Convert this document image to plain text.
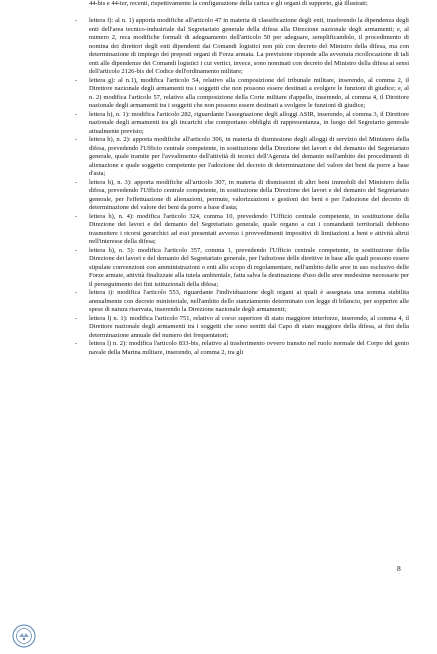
44-bis e 44-ter, recenti, rispettivamente la configurazione della carica e gli organi di supporto, già illustrati;
- lettera f): al n. 1) apporta modifiche all'articolo 47 in materia di classificazione degli enti, trasferendo la dipendenza degli enti dell'area tecnico-industriale dal Segretariato generale della difesa alla Direzione nazionale degli armamenti; e, al numero 2, reca modifiche formali di adeguamento dell'articolo 50 per adeguare, semplificandolo, il procedimento di nomina dei direttori degli enti dipendenti dai Comandi logistici non più con decreto del Ministro della difesa, ma con determinazione di impiego dei preposti organi di Forza armata. La previsione risponde alla avvenuta ricollocazione di tali enti alle dipendenze dei Comandi logistici i cui vertici, invece, sono nominati con decreto del Ministro della difesa ai sensi dell'articolo 2126-bis del Codice dell'ordinamento militare;
- lettera g): al n.1), modifica l'articolo 54, relativo alla composizione del tribunale militare, inserendo, al comma 2, il Direttore nazionale degli armamenti tra i soggetti che non possono essere destinati a svolgere le funzioni di giudice; e, al n. 2) modifica l'articolo 57, relativo alla composizione della Corte militare d'appello, inserendo, al comma 4, il Direttore nazionale degli armamenti tra i soggetti che non possono essere destinati a svolgere le funzioni di giudice;
- lettera h), n. 1): modifica l'articolo 282, riguardante l'assegnazione degli alloggi ASIR, inserendo, al comma 3, il Direttore nazionale degli armamenti tra gli incarichi che comportano obblighi di rappresentanza, in luogo del Segretario generale attualmente previsto;
- lettera h), n. 2): apporta modifiche all'articolo 306, in materia di dismissione degli alloggi di servizio del Ministero della difesa, prevedendo l'Ufficio centrale competente, in sostituzione della Direzione dei lavori e del demanio del Segretariato generale, quale tramite per l'avvalimento dell'attività di tecnici dell'Agenzia del demanio nell'ambito dei procedimenti di alienazione e quale soggetto competente per l'adozione del decreto di determinazione del valore dei beni da porre a base d'asta;
- lettera h), n. 3): apporta modifiche all'articolo 307, in materia di dismissioni di altri beni immobili del Ministero della difesa, prevedendo l'Ufficio centrale competente, in sostituzione della Direzione dei lavori e del demanio del Segretariato generale, per l'effettuazione di alienazioni, permute, valorizzazioni e gestioni dei beni e per l'adozione del decreto di determinazione del valore dei beni da porre a base d'asta;
- lettera h), n. 4): modifica l'articolo 324, comma 10, prevedendo l'Ufficio centrale competente, in sostituzione della Direzione dei lavori e del demanio del Segretariato generale, quale organo a cui i comandanti territoriali debbono trasmettere i ricorsi gerarchici ad essi presentati avverso i provvedimenti impositivi di limitazioni a beni e attività altrui nell'interesse della difesa;
- lettera h), n. 5): modifica l'articolo 357, comma 1, prevedendo l'Ufficio centrale competente, in sostituzione della Direzione dei lavori e del demanio del Segretariato generale, per l'adozione delle direttive in base alle quali possono essere stipulate convenzioni con amministrazioni o enti allo scopo di regolamentare, nell'ambito delle aree in uso esclusivo delle Forze armate, attività finalizzate alla tutela ambientale, fatta salva la destinazione d'uso delle aree medesime necessarie per il perseguimento dei fini istituzionali della difesa;
- lettera i): modifica l'articolo 553, riguardante l'individuazione degli organi ai quali è assegnata una somma stabilita annualmente con decreto ministeriale, nell'ambito dello stanziamento determinato con legge di bilancio, per sopperire alle spese di natura riservata, inserendo la Direzione nazionale degli armamenti;
- lettera l) n. 1): modifica l'articolo 751, relativo al corso superiore di stato maggiore interforze, inserendo, al comma 4, il Direttore nazionale degli armamenti tra i soggetti che sono sentiti dal Capo di stato maggiore della difesa, ai fini della determinazione annuale del numero dei frequentatori;
- lettera l) n. 2): modifica l'articolo 833-bis, relativo al trasferimento ovvero transito nel ruolo normale del Corpo del genio navale della Marina militare, inserendo, al comma 2, tra gli
8
